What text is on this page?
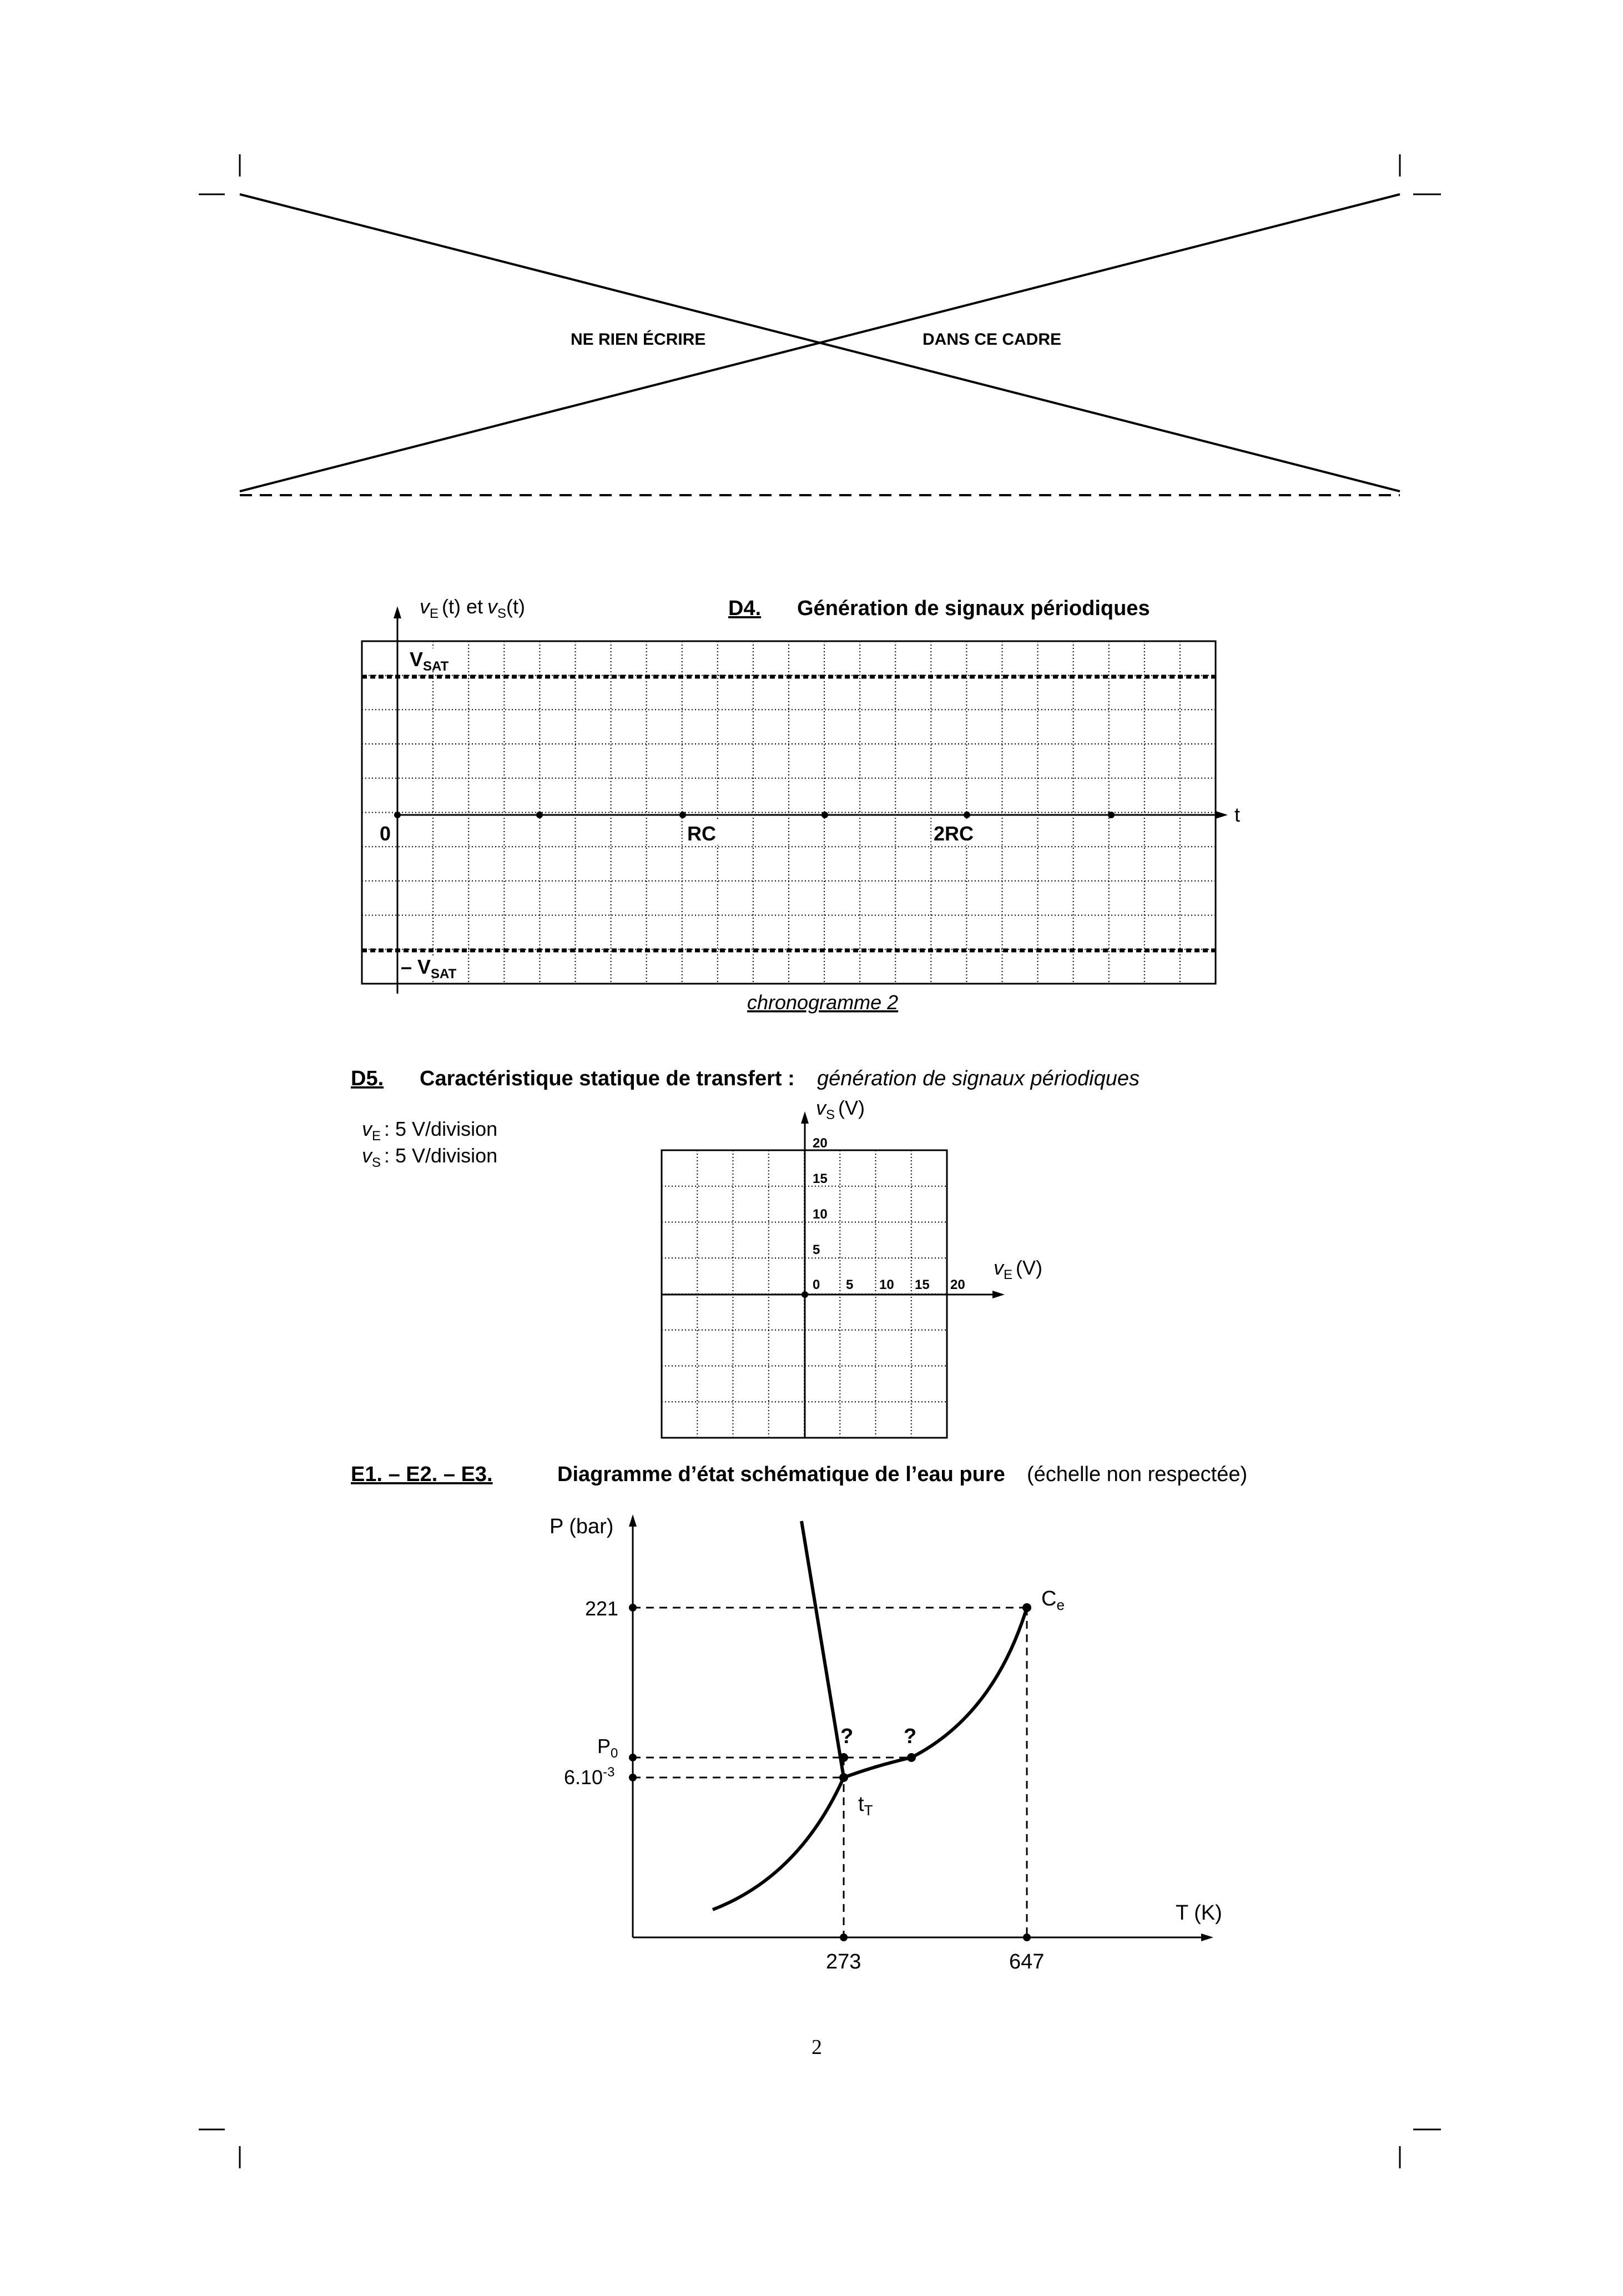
NE RIEN ÉCRIRE	DANS CE CADRE
$v_E$ (t) et $v_S(t)$	D4. Génération de signaux périodiques
$V_{SAT}$
– $V_{SAT}$
0	RC	2RC
t
chronogramme 2
D5. Caractéristique statique de transfert : génération de signaux périodiques
$v_E$ : 5 V/division
$v_S$ : 5 V/division
$v_S$ (V)
$v_E$ (V)
0
5
10
15
20
5 10 15 20
E1. – E2. – E3.	Diagramme d’état schématique de l’eau pure (échelle non respectée)
P (bar)
T (K)
221
$P_0$
$6.10^{-3}$
273	647
$C_e$
$t_T$
? ?
2
